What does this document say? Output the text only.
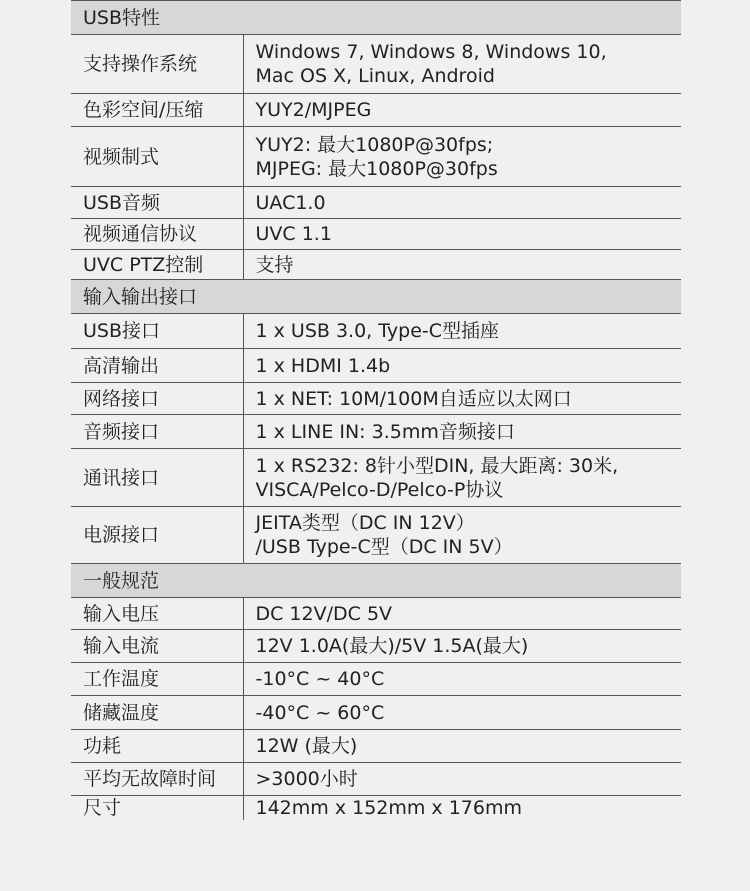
USB特性	
支持操作系统	Windows 7, Windows 8, Windows 10,
Mac OS X, Linux, Android

色彩空间/压缩	YUY2/MJPEG

视频制式	YUY2: 最大1080P@30fps;
MJPEG: 最大1080P@30fps

USB音频	UAC1.0

视频通信协议	UVC 1.1

UVC PTZ控制	支持

输入输出接口	
USB接口	1 x USB 3.0, Type-C型插座

高清输出	1 x HDMI 1.4b

网络接口	1 x NET: 10M/100M自适应以太网口

音频接口	1 x LINE IN: 3.5mm音频接口

通讯接口	1 x RS232: 8针小型DIN, 最大距离: 30米,
VISCA/Pelco-D/Pelco-P协议

电源接口	JEITA类型（DC IN 12V）
/USB Type-C型（DC IN 5V）

一般规范	
输入电压	DC 12V/DC 5V

输入电流	12V 1.0A(最大)/5V 1.5A(最大)

工作温度	-10°C ~ 40°C

储藏温度	-40°C ~ 60°C

功耗	12W (最大)

平均无故障时间	>3000小时

尺寸	142mm x 152mm x 176mm
